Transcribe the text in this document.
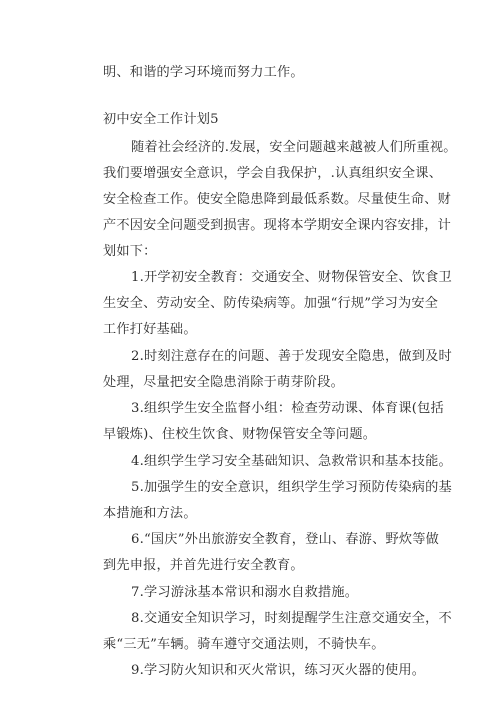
明、和谐的学习环境而努力工作。
初中安全工作计划5
随着社会经济的.发展，安全问题越来越被人们所重视。
我们要增强安全意识，学会自我保护，.认真组织安全课、
安全检查工作。使安全隐患降到最低系数。尽量使生命、财
产不因安全问题受到损害。现将本学期安全课内容安排，计
划如下：
1.开学初安全教育：交通安全、财物保管安全、饮食卫
生安全、劳动安全、防传染病等。加强“行规”学习为安全
工作打好基础。
2.时刻注意存在的问题、善于发现安全隐患，做到及时
处理，尽量把安全隐患消除于萌芽阶段。
3.组织学生安全监督小组：检查劳动课、体育课(包括
早锻炼)、住校生饮食、财物保管安全等问题。
4.组织学生学习安全基础知识、急救常识和基本技能。
5.加强学生的安全意识，组织学生学习预防传染病的基
本措施和方法。
6.“国庆”外出旅游安全教育，登山、春游、野炊等做
到先申报，并首先进行安全教育。
7.学习游泳基本常识和溺水自救措施。
8.交通安全知识学习，时刻提醒学生注意交通安全，不
乘“三无”车辆。骑车遵守交通法则，不骑快车。
9.学习防火知识和灭火常识，练习灭火器的使用。
